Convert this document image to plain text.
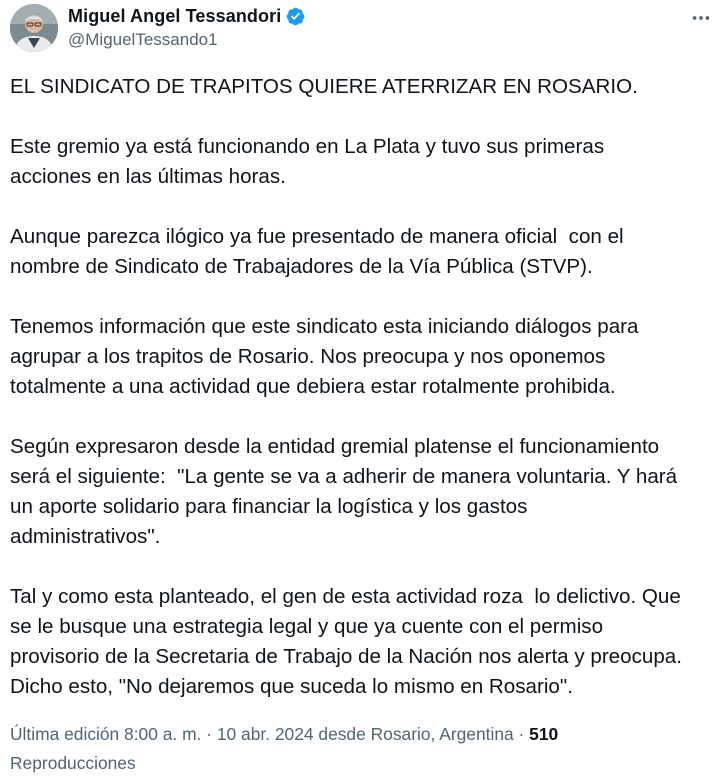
Miguel Angel Tessandori
@MiguelTessando1
EL SINDICATO DE TRAPITOS QUIERE ATERRIZAR EN ROSARIO.

Este gremio ya está funcionando en La Plata y tuvo sus primeras
acciones en las últimas horas.

Aunque parezca ilógico ya fue presentado de manera oficial  con el
nombre de Sindicato de Trabajadores de la Vía Pública (STVP).

Tenemos información que este sindicato esta iniciando diálogos para
agrupar a los trapitos de Rosario. Nos preocupa y nos oponemos
totalmente a una actividad que debiera estar rotalmente prohibida.

Según expresaron desde la entidad gremial platense el funcionamiento
será el siguiente:  "La gente se va a adherir de manera voluntaria. Y hará
un aporte solidario para financiar la logística y los gastos
administrativos".

Tal y como esta planteado, el gen de esta actividad roza  lo delictivo. Que
se le busque una estrategia legal y que ya cuente con el permiso
provisorio de la Secretaria de Trabajo de la Nación nos alerta y preocupa.
Dicho esto, "No dejaremos que suceda lo mismo en Rosario".
Última edición 8:00 a. m. · 10 abr. 2024 desde Rosario, Argentina · 510
Reproducciones
